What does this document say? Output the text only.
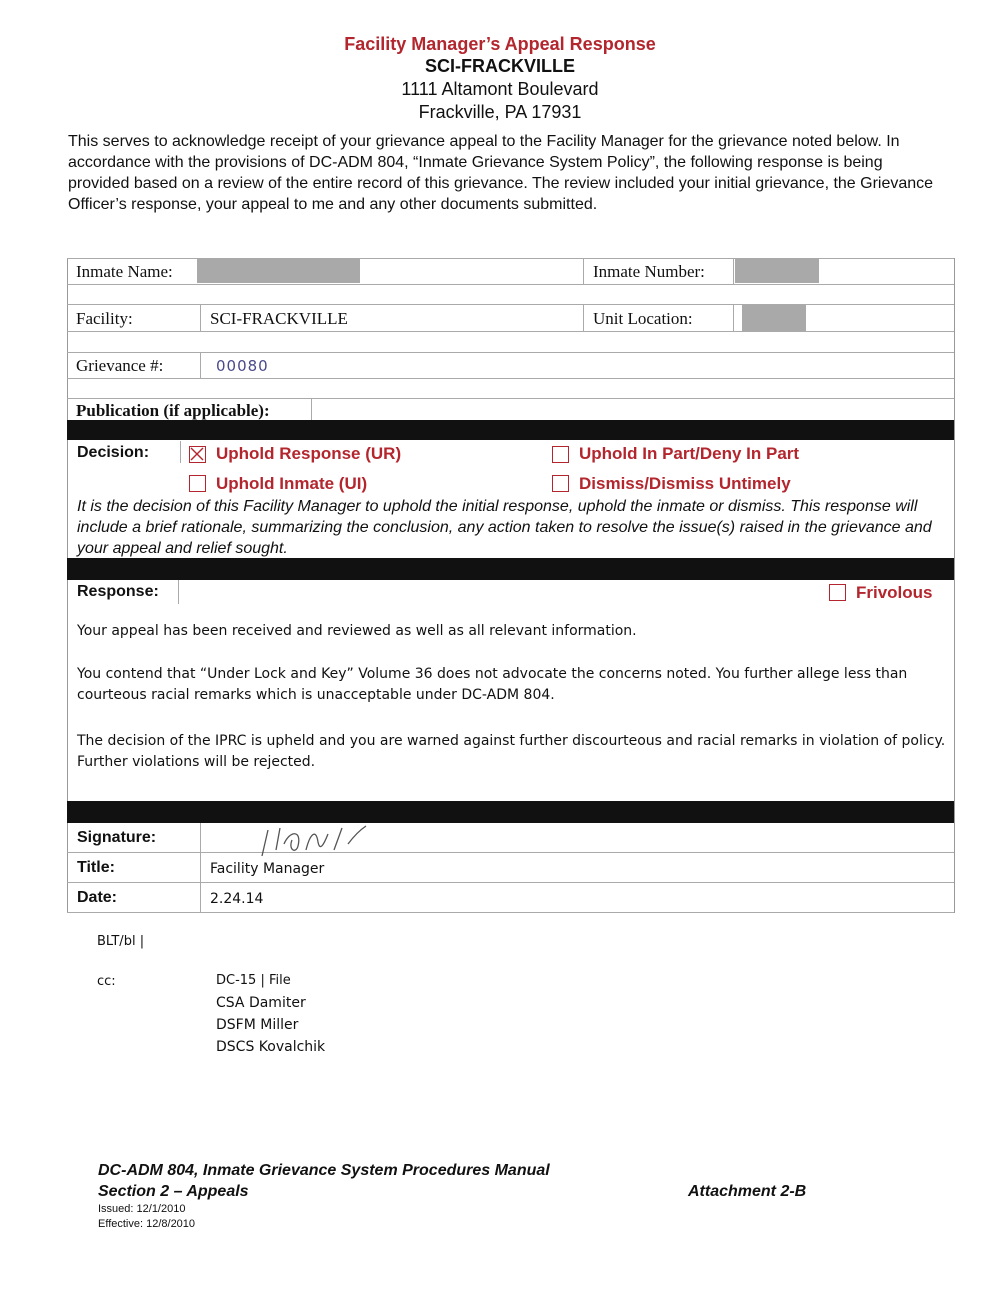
Facility Manager’s Appeal Response
SCI-FRACKVILLE
1111 Altamont Boulevard
Frackville, PA 17931
This serves to acknowledge receipt of your grievance appeal to the Facility Manager for the grievance noted below. In accordance with the provisions of DC-ADM 804, “Inmate Grievance System Policy”, the following response is being provided based on a review of the entire record of this grievance. The review included your initial grievance, the Grievance Officer’s response, your appeal to me and any other documents submitted.
Inmate Name:	Inmate Number:
Facility:	SCI-FRACKVILLE	Unit Location:
Grievance #:	00080
Publication (if applicable):
Decision:	Uphold Response (UR)	Uphold In Part/Deny In Part
Uphold Inmate (UI)	Dismiss/Dismiss Untimely
It is the decision of this Facility Manager to uphold the initial response, uphold the inmate or dismiss. This response will include a brief rationale, summarizing the conclusion, any action taken to resolve the issue(s) raised in the grievance and your appeal and relief sought.
Response:	Frivolous
Your appeal has been received and reviewed as well as all relevant information.
You contend that “Under Lock and Key” Volume 36 does not advocate the concerns noted. You further allege less than courteous racial remarks which is unacceptable under DC-ADM 804.
The decision of the IPRC is upheld and you are warned against further discourteous and racial remarks in violation of policy. Further violations will be rejected.
Signature:
Title:	Facility Manager
Date:	2.24.14
BLT/bl |
cc:	DC-15 | File
CSA Damiter
DSFM Miller
DSCS Kovalchik
DC-ADM 804, Inmate Grievance System Procedures Manual
Section 2 – Appeals	Attachment 2-B
Issued: 12/1/2010
Effective: 12/8/2010
